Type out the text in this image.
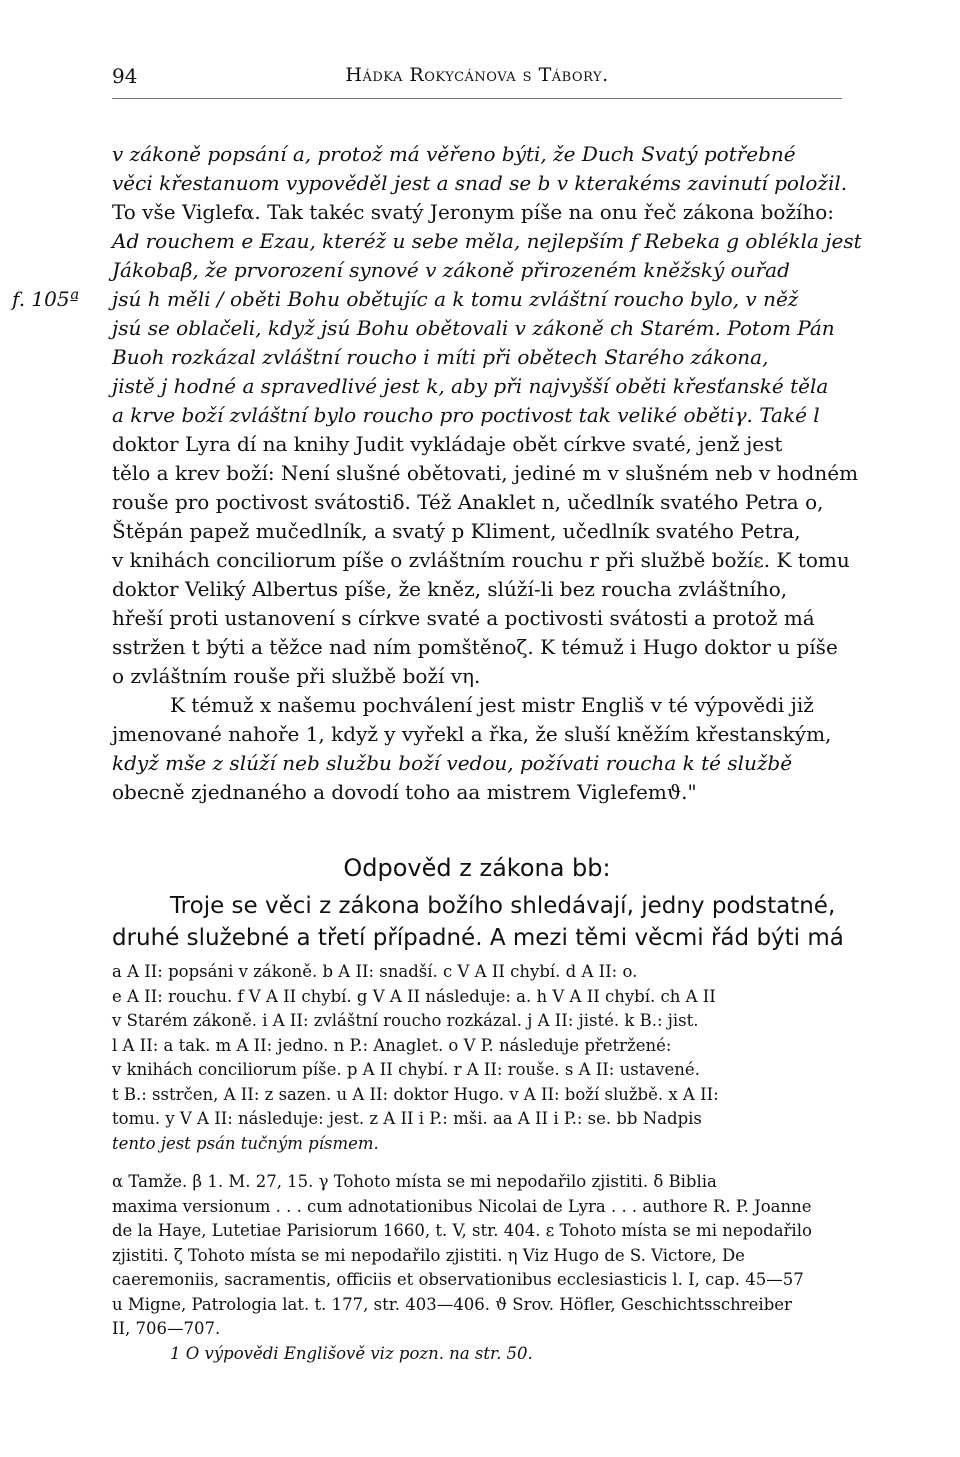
94	Hádka Rokycánova s Tábory.
v zákoně popsání a, protož má věřeno býti, že Duch Svatý potřebné
věci křestanuom vypověděl jest a snad se b v kterakéms zavinutí položil.
To vše Viglefα. Tak takéc svatý Jeronym píše na onu řeč zákona božího:
Ad rouchem e Ezau, kteréž u sebe měla, nejlepším f Rebeka g oblékla jest
Jákobaβ, že prvorození synové v zákoně přirozeném kněžský ouřad
f. 105ª jsú h měli / oběti Bohu obětujíc a k tomu zvláštní roucho bylo, v něž
jsú se oblačeli, když jsú Bohu obětovali v zákoně ch Starém. Potom Pán
Buoh rozkázal zvláštní roucho i míti při obětech Starého zákona,
jistě j hodné a spravedlivé jest k, aby při najvyšší oběti křesťanské těla
a krve boží zvláštní bylo roucho pro poctivost tak veliké obětiγ. Také l
doktor Lyra dí na knihy Judit vykládaje obět církve svaté, jenž jest
tělo a krev boží: Není slušné obětovati, jediné m v slušném neb v hodném
rouše pro poctivost svátostiδ. Též Anaklet n, učedlník svatého Petra o,
Štěpán papež mučedlník, a svatý p Kliment, učedlník svatého Petra,
v knihách conciliorum píše o zvláštním rouchu r při službě božíε. K tomu
doktor Veliký Albertus píše, že kněz, slúží-li bez roucha zvláštního,
hřeší proti ustanovení s církve svaté a poctivosti svátosti a protož má
sstržen t býti a těžce nad ním pomštěnoζ. K témuž i Hugo doktor u píše
o zvláštním rouše při službě boží vη.
K témuž x našemu pochválení jest mistr Engliš v té výpovědi již
jmenované nahoře 1, když y vyřekl a řka, že sluší kněžím křestanským,
když mše z slúží neb službu boží vedou, požívati roucha k té službě
obecně zjednaného a dovodí toho aa mistrem Viglefemϑ."
Odpověd z zákona bb:
Troje se věci z zákona božího shledávají, jedny podstatné,
druhé služebné a třetí případné. A mezi těmi věcmi řád býti má
a A II: popsáni v zákoně. b A II: snadší. c V A II chybí. d A II: o.
e A II: rouchu. f V A II chybí. g V A II následuje: a. h V A II chybí. ch A II
v Starém zákoně. i A II: zvláštní roucho rozkázal. j A II: jisté. k B.: jist.
l A II: a tak. m A II: jedno. n P.: Anaglet. o V P. následuje přetržené:
v knihách conciliorum píše. p A II chybí. r A II: rouše. s A II: ustavené.
t B.: sstrčen, A II: z sazen. u A II: doktor Hugo. v A II: boží službě. x A II:
tomu. y V A II: následuje: jest. z A II i P.: mši. aa A II i P.: se. bb Nadpis
tento jest psán tučným písmem.
α Tamže. β 1. M. 27, 15. γ Tohoto místa se mi nepodařilo zjistiti. δ Biblia
maxima versionum . . . cum adnotationibus Nicolai de Lyra . . . authore R. P. Joanne
de la Haye, Lutetiae Parisiorum 1660, t. V, str. 404. ε Tohoto místa se mi nepodařilo
zjistiti. ζ Tohoto místa se mi nepodařilo zjistiti. η Viz Hugo de S. Victore, De
caeremoniis, sacramentis, officiis et observationibus ecclesiasticis l. I, cap. 45—57
u Migne, Patrologia lat. t. 177, str. 403—406. ϑ Srov. Höfler, Geschichtsschreiber
II, 706—707.
1 O výpovědi Englišově viz pozn. na str. 50.
